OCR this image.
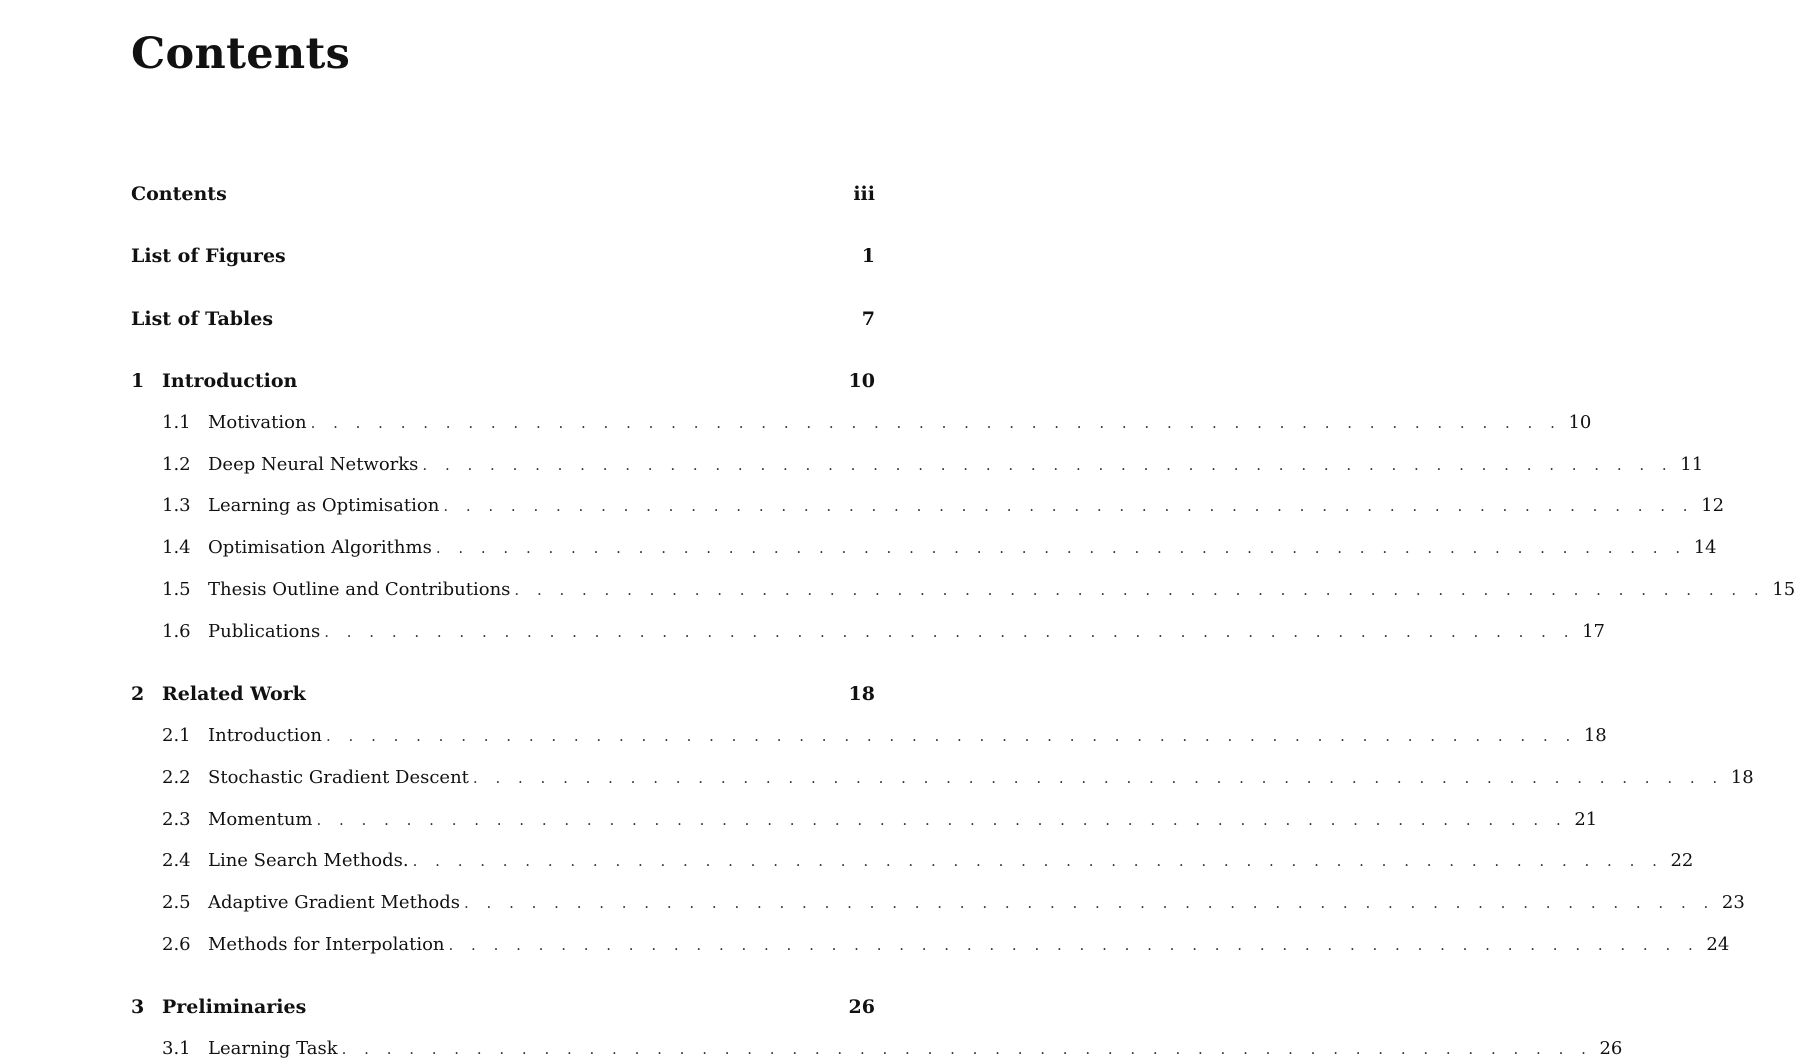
Contents
Contents	iii
List of Figures	1
List of Tables	7
1 Introduction	10
1.1 Motivation . . . . . . . . . . . . . . . . . . . . . . . . . . . . . . . . . . . . . . . . . . . . . . . . . . . . . . . . 10
1.2 Deep Neural Networks . . . . . . . . . . . . . . . . . . . . . . . . . . . . . . . . . . . . . . . . . . . . . . . . . . . . . . . . 11
1.3 Learning as Optimisation . . . . . . . . . . . . . . . . . . . . . . . . . . . . . . . . . . . . . . . . . . . . . . . . . . . . . . . . 12
1.4 Optimisation Algorithms . . . . . . . . . . . . . . . . . . . . . . . . . . . . . . . . . . . . . . . . . . . . . . . . . . . . . . . . 14
1.5 Thesis Outline and Contributions . . . . . . . . . . . . . . . . . . . . . . . . . . . . . . . . . . . . . . . . . . . . . . . . . . . . . . . . 15
1.6 Publications . . . . . . . . . . . . . . . . . . . . . . . . . . . . . . . . . . . . . . . . . . . . . . . . . . . . . . . . 17
2 Related Work	18
2.1 Introduction . . . . . . . . . . . . . . . . . . . . . . . . . . . . . . . . . . . . . . . . . . . . . . . . . . . . . . . . 18
2.2 Stochastic Gradient Descent . . . . . . . . . . . . . . . . . . . . . . . . . . . . . . . . . . . . . . . . . . . . . . . . . . . . . . . . 18
2.3 Momentum . . . . . . . . . . . . . . . . . . . . . . . . . . . . . . . . . . . . . . . . . . . . . . . . . . . . . . . . 21
2.4 Line Search Methods. . . . . . . . . . . . . . . . . . . . . . . . . . . . . . . . . . . . . . . . . . . . . . . . . . . . . . . . . 22
2.5 Adaptive Gradient Methods . . . . . . . . . . . . . . . . . . . . . . . . . . . . . . . . . . . . . . . . . . . . . . . . . . . . . . . . 23
2.6 Methods for Interpolation . . . . . . . . . . . . . . . . . . . . . . . . . . . . . . . . . . . . . . . . . . . . . . . . . . . . . . . . 24
3 Preliminaries	26
3.1 Learning Task . . . . . . . . . . . . . . . . . . . . . . . . . . . . . . . . . . . . . . . . . . . . . . . . . . . . . . . . 26
